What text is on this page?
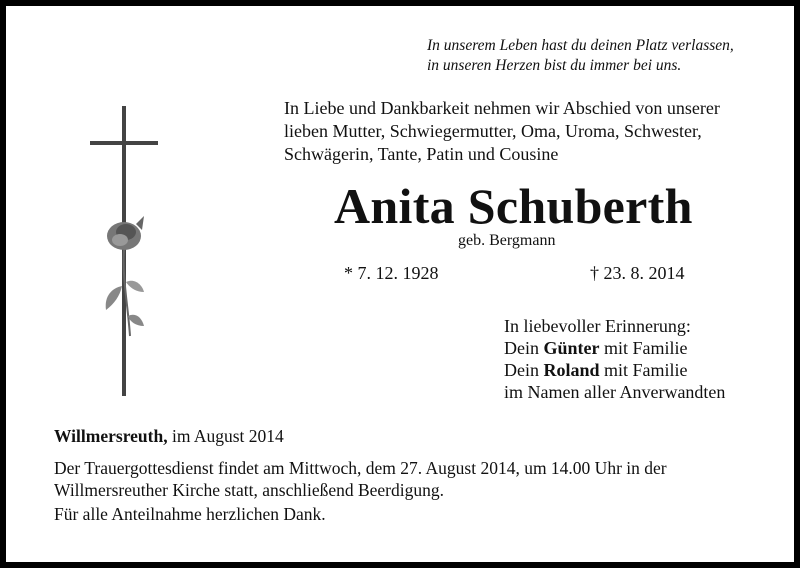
In unserem Leben hast du deinen Platz verlassen,
in unseren Herzen bist du immer bei uns.
In Liebe und Dankbarkeit nehmen wir Abschied von unserer
lieben Mutter, Schwiegermutter, Oma, Uroma, Schwester,
Schwägerin, Tante, Patin und Cousine
Anita Schuberth
geb. Bergmann
* 7. 12. 1928	† 23. 8. 2014
In liebevoller Erinnerung:
Dein Günter mit Familie
Dein Roland mit Familie
im Namen aller Anverwandten
Willmersreuth, im August 2014
Der Trauergottesdienst findet am Mittwoch, dem 27. August 2014, um 14.00 Uhr in der
Willmersreuther Kirche statt, anschließend Beerdigung.
Für alle Anteilnahme herzlichen Dank.
